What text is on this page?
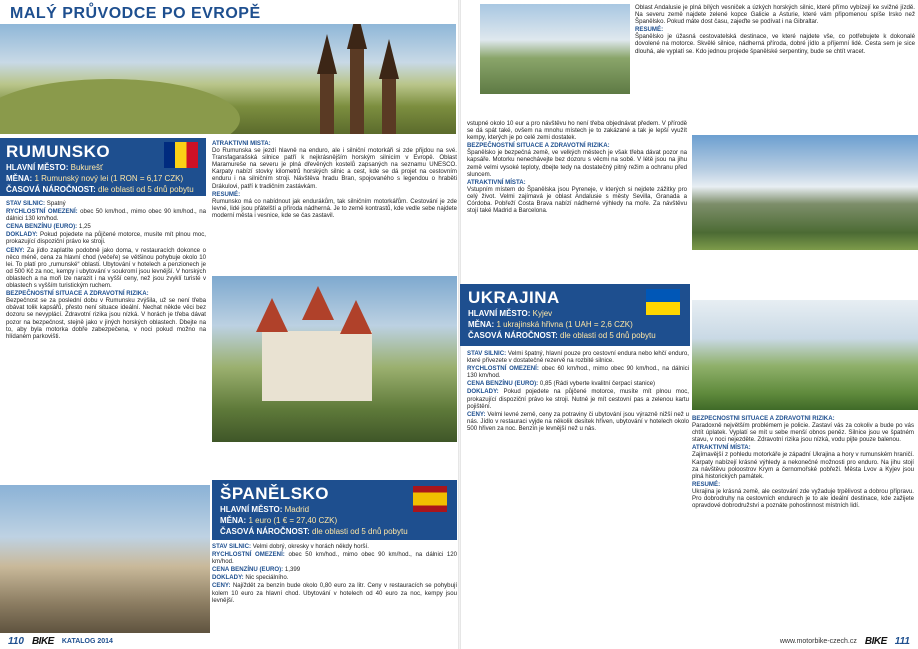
MALÝ PRŮVODCE PO EVROPĚ
RUMUNSKO
HLAVNÍ MĚSTO: Bukurešť
MĚNA: 1 Rumunský nový lei (1 RON = 6,17 CZK)
ČASOVÁ NÁROČNOST: dle oblasti od 5 dnů pobytu
UKRAJINA
HLAVNÍ MĚSTO: Kyjev
MĚNA: 1 ukrajinská hřivna (1 UAH = 2,6 CZK)
ČASOVÁ NÁROČNOST: dle oblasti od 5 dnů pobytu
ŠPANĚLSKO
HLAVNÍ MĚSTO: Madrid
MĚNA: 1 euro (1 € = 27,40 CZK)
ČASOVÁ NÁROČNOST: dle oblasti od 5 dnů pobytu

STAV SILNIC: Špatný

RYCHLOSTNÍ OMEZENÍ: obec 50 km/hod., mimo obec 90 km/hod., na dálnici 130 km/hod.

CENA BENZÍNU (EURO): 1,25

DOKLADY: Pokud pojedete na půjčené motorce, musíte mít plnou moc, prokazující dispoziční právo ke stroji.

CENY: Za jídlo zaplatíte podobně jako doma, v restauracích dokonce o něco méně, cena za hlavní chod (večeře) se většinou pohybuje okolo 10 lei. To platí pro „rumunské“ oblasti. Ubytování v hotelech a penzionech je od 500 Kč za noc, kempy i ubytování v soukromí jsou levnější. V horských oblastech a na moři lze narazit i na vyšší ceny, než jsou zvyklí turisté v oblastech s vyšším turistickým ruchem.

BEZPEČNOSTNÍ SITUACE A ZDRAVOTNÍ RIZIKA:
Bezpečnost se za poslední dobu v Rumunsku zvýšila, už se není třeba obávat tolik kapsářů, přesto není situace ideální. Nechat někde věci bez dozoru se nevyplácí. Zdravotní rizika jsou nízká. V horách je třeba dávat pozor na bezpečnost, stejně jako v jiných horských oblastech. Dbejte na to, aby byla motorka dobře zabezpečena, v noci pokud možno na hlídaném parkovišti.

ATRAKTIVNÍ MÍSTA:
Do Rumunska se jezdí hlavně na enduro, ale i silniční motorkáři si zde přijdou na své. Transfagarašská silnice patří k nejkrásnějším horským silnicím v Evropě. Oblast Maramureše na severu je plná dřevěných kostelů zapsaných na seznamu UNESCO. Karpaty nabízí stovky kilometrů horských silnic a cest, kde se dá projet na cestovním enduru i na silničním stroji. Návštěva hradu Bran, spojovaného s legendou o hraběti Drákulovi, patří k tradičním zastávkám.

RESUMÉ:
Rumunsko má co nabídnout jak endurákům, tak silničním motorkářům. Cestování je zde levné, lidé jsou přátelští a příroda nádherná. Je to země kontrastů, kde vedle sebe najdete moderní města i vesnice, kde se čas zastavil.

vstupné okolo 10 eur a pro návštěvu ho není třeba objednávat předem. V přírodě se dá spát také, ovšem na mnohu místech je to zakázané a tak je lepší využít kempy, kterých je po celé zemi dostatek.

BEZPEČNOSTNÍ SITUACE A ZDRAVOTNÍ RIZIKA:
Španělsko je bezpečná země, ve velkých městech je však třeba dávat pozor na kapsáře. Motorku nenechávejte bez dozoru s věcmi na sobě. V létě jsou na jihu země velmi vysoké teploty, dbejte tedy na dostatečný pitný režim a ochranu před sluncem.

ATRAKTIVNÍ MÍSTA:
Vstupním místem do Španělska jsou Pyreneje, v kterých si nejdete zážitky pro celý život. Velmi zajímavá je oblast Andalusie s městy Sevilla, Granada a Córdoba. Pobřeží Costa Brava nabízí nádherné výhledy na moře. Za návštěvu stojí také Madrid a Barcelona.

Oblast Andalusie je plná bílých vesniček a úzkých horských silnic, které přímo vybízejí ke svižné jízdě. Na severu země najdete zelené kopce Galicie a Asturie, které vám připomenou spíše Irsko než Španělsko. Pokud máte dost času, zajeďte se podívat i na Gibraltar.

RESUMÉ:
Španělsko je úžasná cestovatelská destinace, ve které najdete vše, co potřebujete k dokonalé dovolené na motorce. Skvělé silnice, nádherná příroda, dobré jídlo a příjemní lidé. Cesta sem je sice dlouhá, ale vyplatí se. Kdo jednou projede španělské serpentiny, bude se chtít vracet.

STAV SILNIC: Velmi špatný, hlavní pouze pro cestovní endura nebo lehčí enduro, které přivezete v dostatečné rezervě na rozbité silnice.

RYCHLOSTNÍ OMEZENÍ: obec 60 km/hod., mimo obec 90 km/hod., na dálnici 130 km/hod.

CENA BENZÍNU (EURO): 0,85 (Rádi vyberte kvalitní čerpací stanice)

DOKLADY: Pokud pojedete na půjčené motorce, musíte mít plnou moc, prokazující dispoziční právo ke stroji. Nutné je mít cestovní pas a zelenou kartu pojištění.

CENY: Velmi levné země, ceny za potraviny či ubytování jsou výrazně nižší než u nás. Jídlo v restauraci vyjde na několik desítek hřiven, ubytování v hotelech okolo 500 hřiven za noc. Benzín je levnější než u nás.

BEZPEČNOSTNÍ SITUACE A ZDRAVOTNÍ RIZIKA:
Paradoxně největším problémem je policie. Zastaví vás za cokoliv a bude po vás chtít úplatek. Vyplatí se mít u sebe menší obnos peněz. Silnice jsou ve špatném stavu, v noci nejezděte. Zdravotní rizika jsou nízká, vodu pijte pouze balenou.

ATRAKTIVNÍ MÍSTA:
Zajímavější z pohledu motorkáře je západní Ukrajina a hory v rumunském hraničí. Karpaty nabízejí krásné výhledy a nekonečné možnosti pro enduro. Na jihu stojí za návštěvu poloostrov Krym a černomořské pobřeží. Města Lvov a Kyjev jsou plná historických památek.

RESUMÉ:
Ukrajina je krásná země, ale cestování zde vyžaduje trpělivost a dobrou přípravu. Pro dobrodruhy na cestovních endurech je to ale ideální destinace, kde zažijete opravdové dobrodružství a poznáte pohostinnost místních lidí.

STAV SILNIC: Velmi dobrý, okresky v horách někdy horší.

RYCHLOSTNÍ OMEZENÍ: obec 50 km/hod., mimo obec 90 km/hod., na dálnici 120 km/hod.

CENA BENZÍNU (EURO): 1,399

DOKLADY: Nic speciálního.

CENY: Najíždět za benzín bude okolo 0,80 euro za litr. Ceny v restauracích se pohybují kolem 10 euro za hlavní chod. Ubytování v hotelech od 40 euro za noc, kempy jsou levnější.

110 BIKE KATALOG 2014	www.motorbike-czech.cz BIKE 111
